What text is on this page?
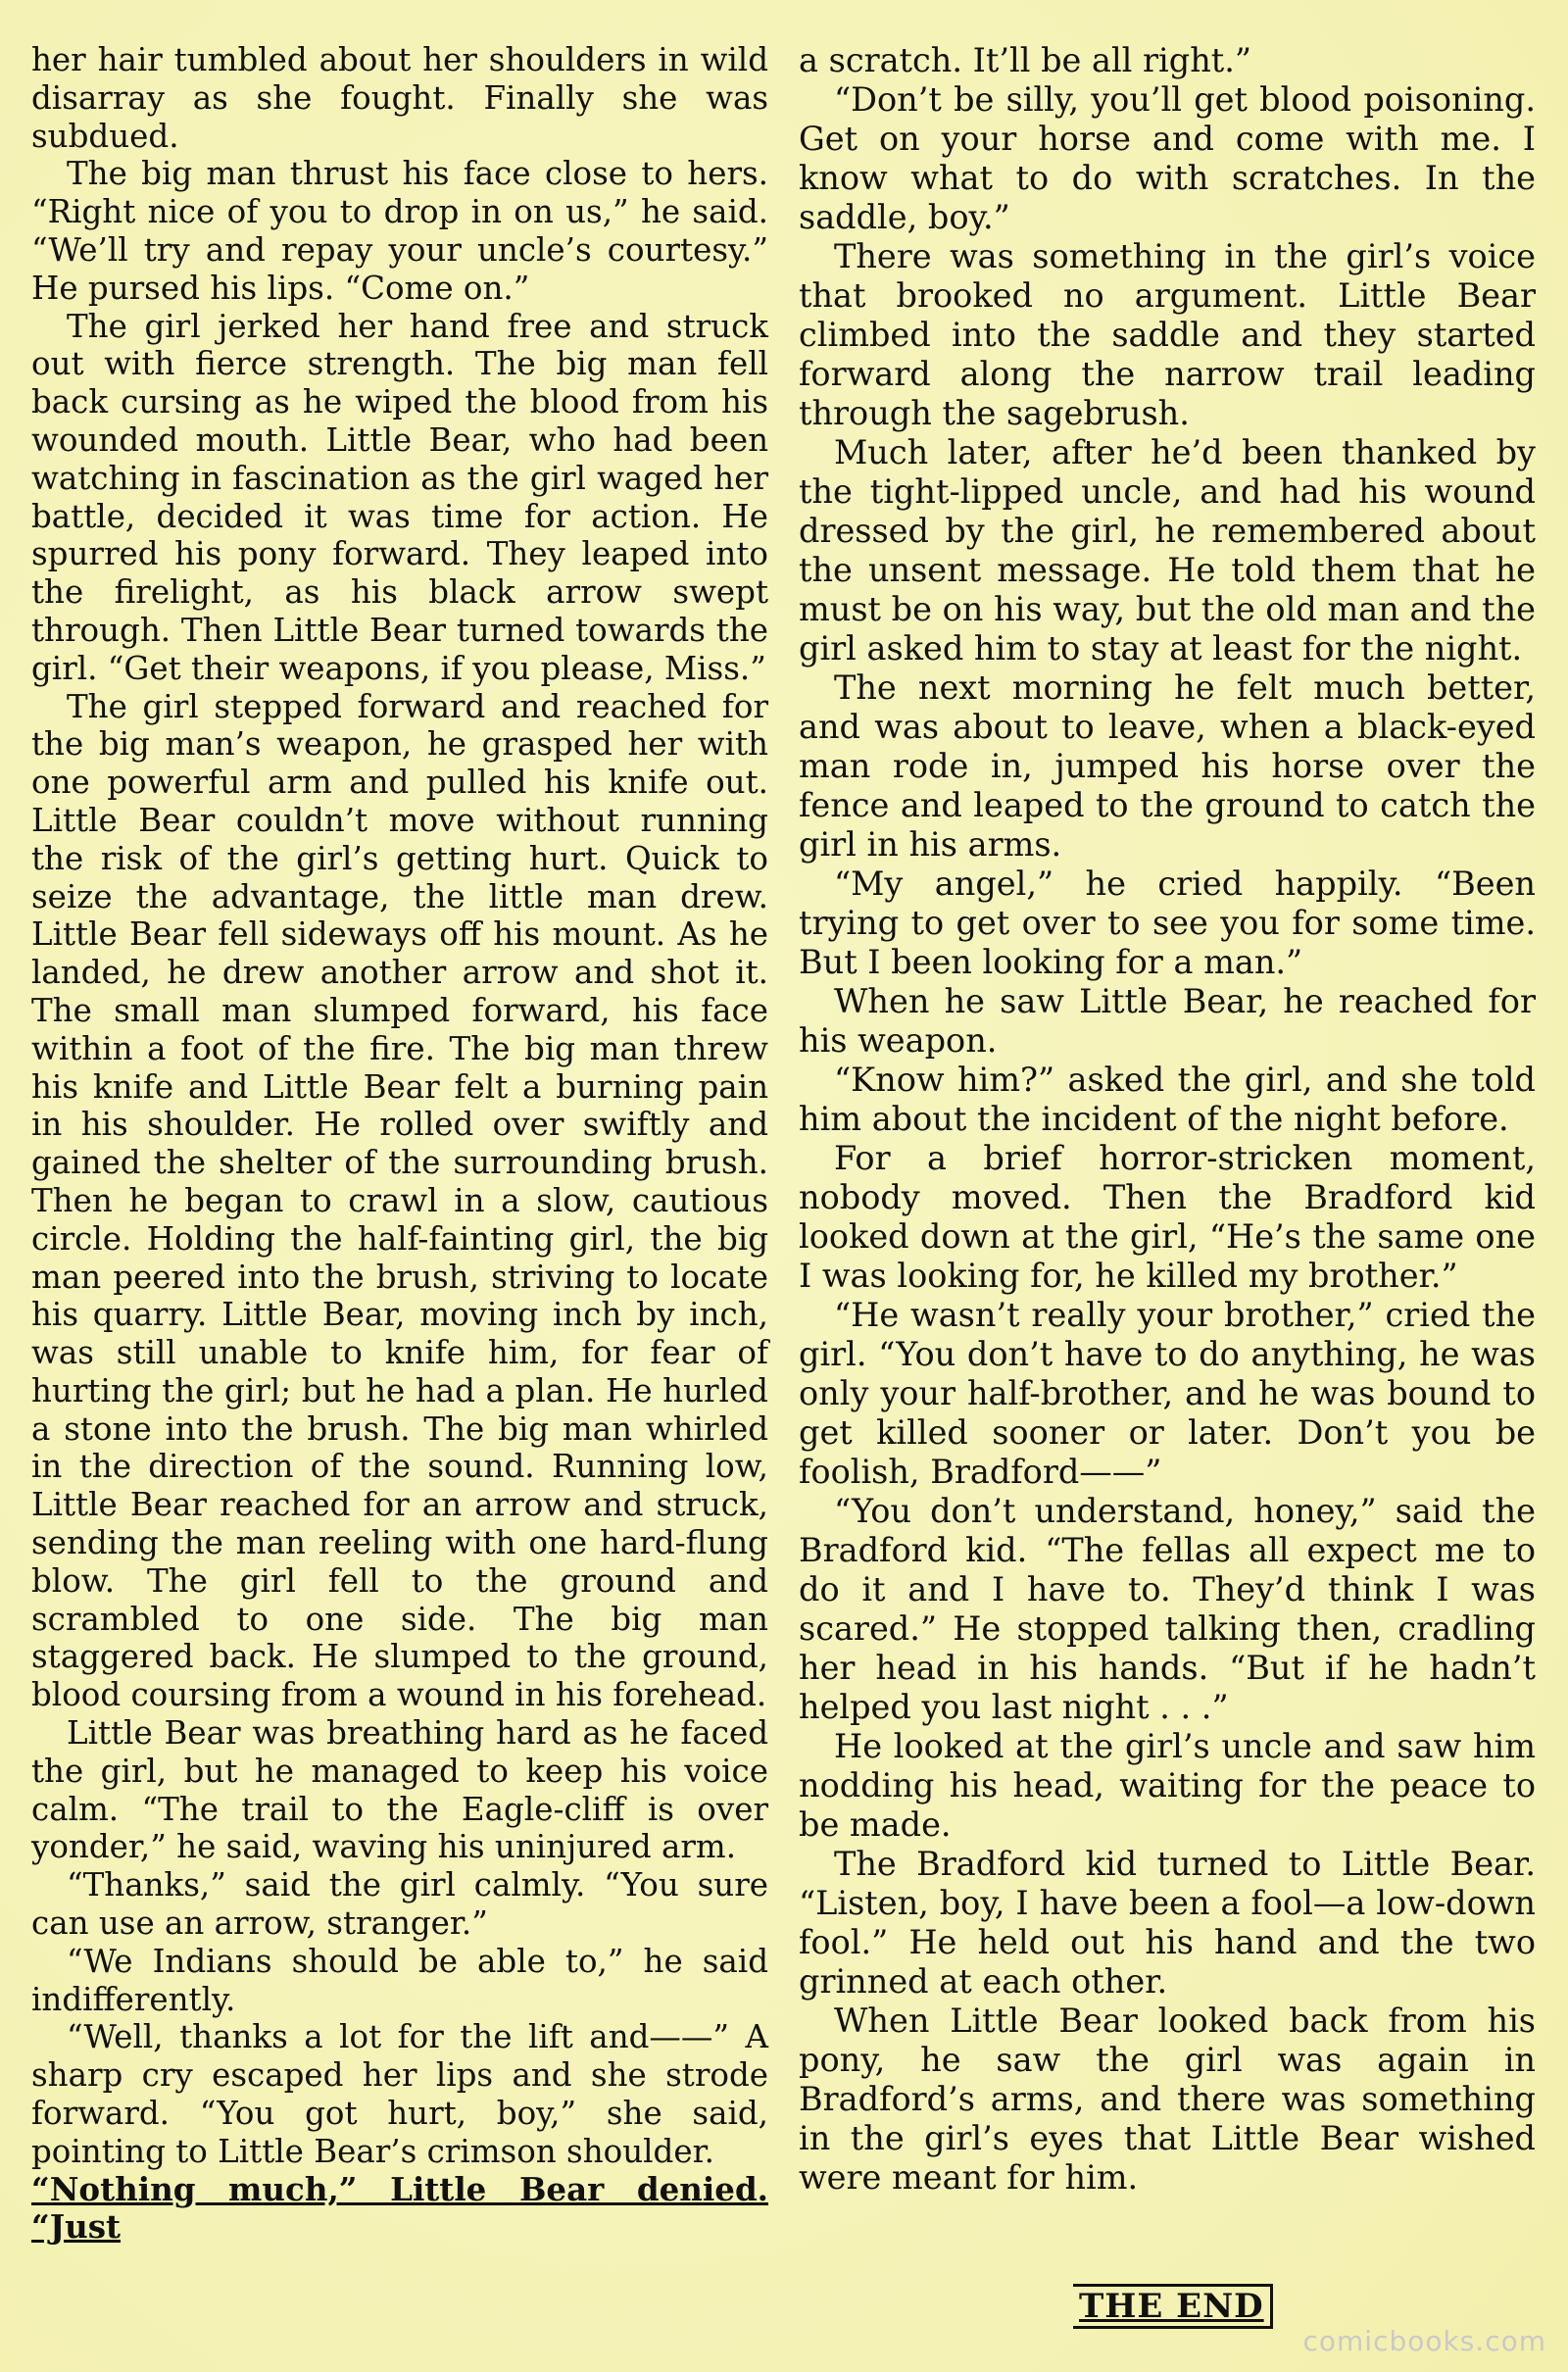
her hair tumbled about her shoulders in wild disarray as she fought. Finally she was subdued.

The big man thrust his face close to hers. “Right nice of you to drop in on us,” he said. “We’ll try and repay your uncle’s courtesy.” He pursed his lips. “Come on.”

The girl jerked her hand free and struck out with fierce strength. The big man fell back cursing as he wiped the blood from his wounded mouth. Little Bear, who had been watching in fascination as the girl waged her battle, decided it was time for action. He spurred his pony forward. They leaped into the firelight, as his black arrow swept through. Then Little Bear turned towards the girl. “Get their weapons, if you please, Miss.”

The girl stepped forward and reached for the big man’s weapon, he grasped her with one powerful arm and pulled his knife out. Little Bear couldn’t move without running the risk of the girl’s getting hurt. Quick to seize the advantage, the little man drew. Little Bear fell sideways off his mount. As he landed, he drew another arrow and shot it. The small man slumped forward, his face within a foot of the fire. The big man threw his knife and Little Bear felt a burning pain in his shoulder. He rolled over swiftly and gained the shelter of the surrounding brush. Then he began to crawl in a slow, cautious circle. Holding the half-fainting girl, the big man peered into the brush, striving to locate his quarry. Little Bear, moving inch by inch, was still unable to knife him, for fear of hurting the girl; but he had a plan. He hurled a stone into the brush. The big man whirled in the direction of the sound. Running low, Little Bear reached for an arrow and struck, sending the man reeling with one hard-flung blow. The girl fell to the ground and scrambled to one side. The big man staggered back. He slumped to the ground, blood coursing from a wound in his forehead.

Little Bear was breathing hard as he faced the girl, but he managed to keep his voice calm. “The trail to the Eagle-cliff is over yonder,” he said, waving his uninjured arm.

“Thanks,” said the girl calmly. “You sure can use an arrow, stranger.”

“We Indians should be able to,” he said indifferently.

“Well, thanks a lot for the lift and——” A sharp cry escaped her lips and she strode forward. “You got hurt, boy,” she said, pointing to Little Bear’s crimson shoulder.

“Nothing much,” Little Bear denied. “Just

a scratch. It’ll be all right.”

“Don’t be silly, you’ll get blood poisoning. Get on your horse and come with me. I know what to do with scratches. In the saddle, boy.”

There was something in the girl’s voice that brooked no argument. Little Bear climbed into the saddle and they started forward along the narrow trail leading through the sagebrush.

Much later, after he’d been thanked by the tight-lipped uncle, and had his wound dressed by the girl, he remembered about the unsent message. He told them that he must be on his way, but the old man and the girl asked him to stay at least for the night.

The next morning he felt much better, and was about to leave, when a black-eyed man rode in, jumped his horse over the fence and leaped to the ground to catch the girl in his arms.

“My angel,” he cried happily. “Been trying to get over to see you for some time. But I been looking for a man.”

When he saw Little Bear, he reached for his weapon.

“Know him?” asked the girl, and she told him about the incident of the night before.

For a brief horror-stricken moment, nobody moved. Then the Bradford kid looked down at the girl, “He’s the same one I was looking for, he killed my brother.”

“He wasn’t really your brother,” cried the girl. “You don’t have to do anything, he was only your half-brother, and he was bound to get killed sooner or later. Don’t you be foolish, Bradford——”

“You don’t understand, honey,” said the Bradford kid. “The fellas all expect me to do it and I have to. They’d think I was scared.” He stopped talking then, cradling her head in his hands. “But if he hadn’t helped you last night . . .”

He looked at the girl’s uncle and saw him nodding his head, waiting for the peace to be made.

The Bradford kid turned to Little Bear. “Listen, boy, I have been a fool—a low-down fool.” He held out his hand and the two grinned at each other.

When Little Bear looked back from his pony, he saw the girl was again in Bradford’s arms, and there was something in the girl’s eyes that Little Bear wished were meant for him.

THE END
comicbooks.com
